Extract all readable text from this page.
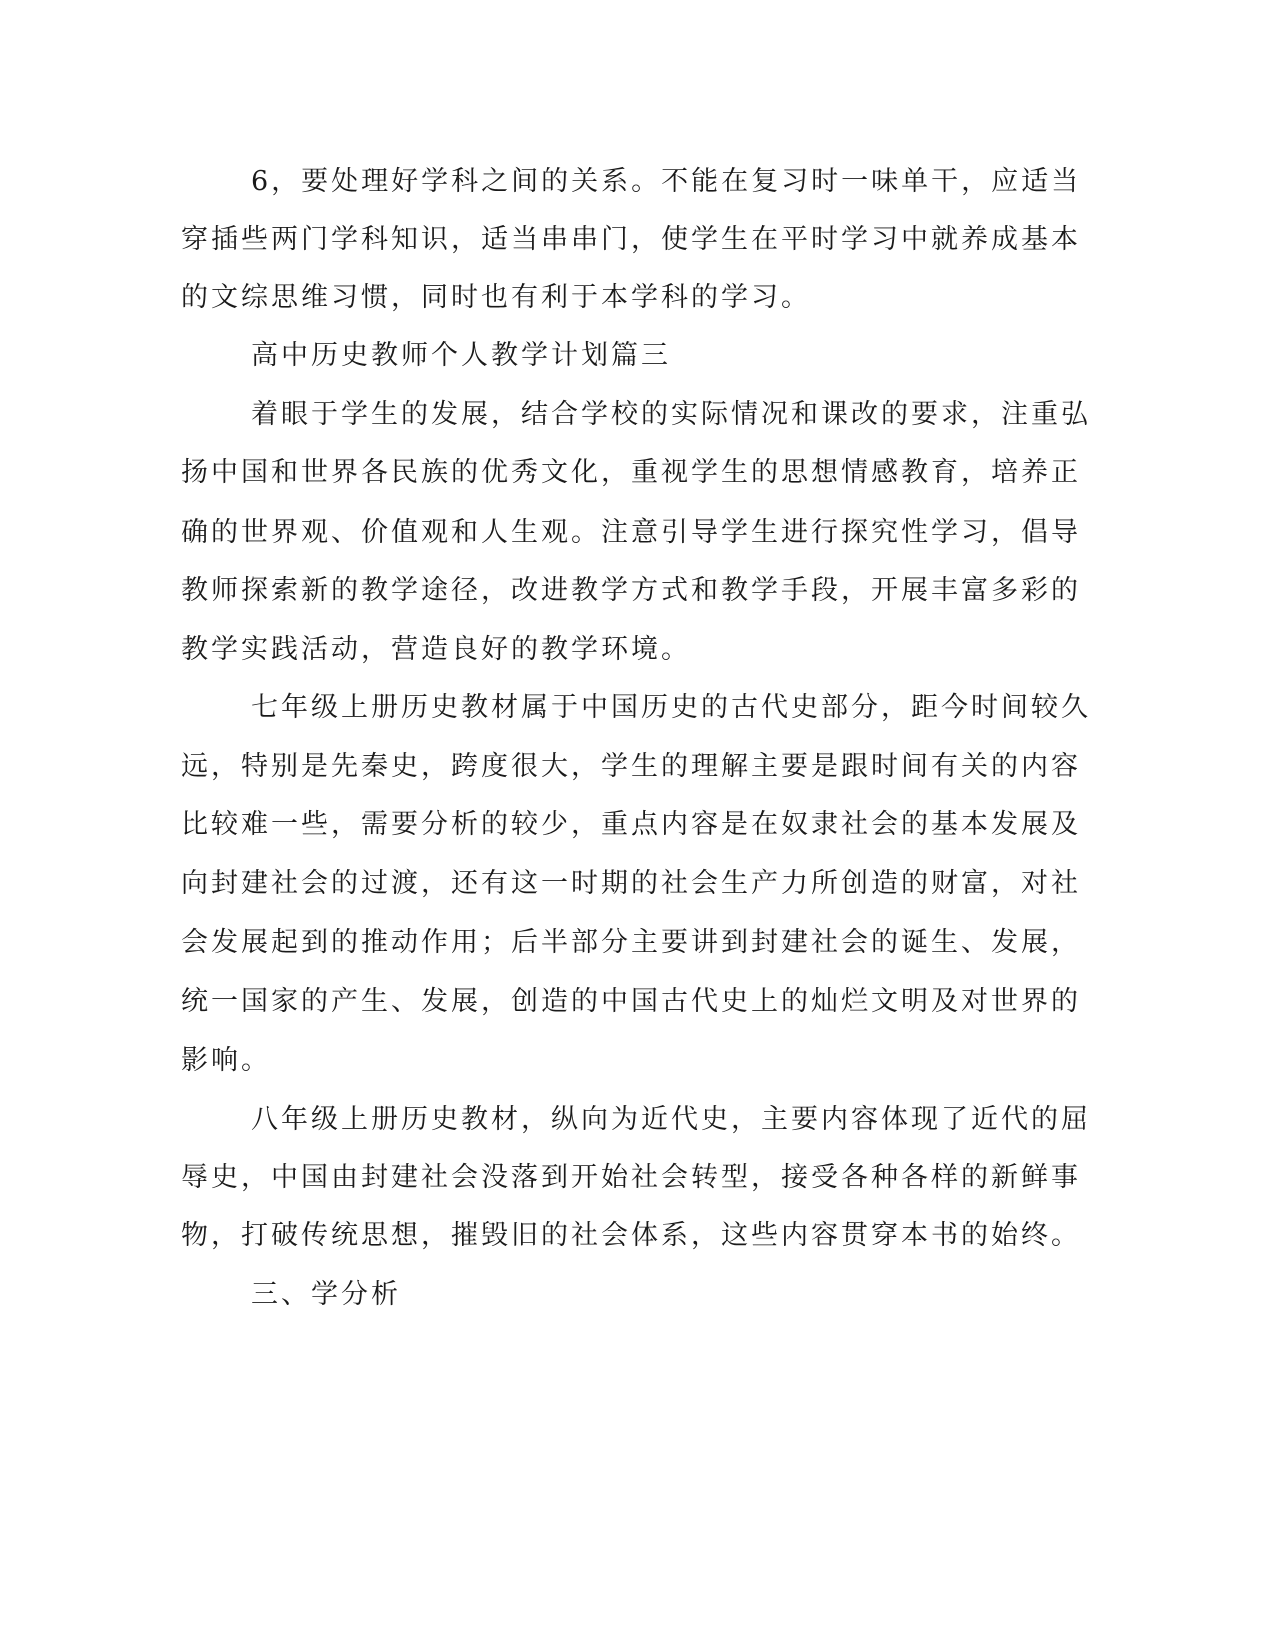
6，要处理好学科之间的关系。不能在复习时一味单干，应适当
穿插些两门学科知识，适当串串门，使学生在平时学习中就养成基本
的文综思维习惯，同时也有利于本学科的学习。
高中历史教师个人教学计划篇三
着眼于学生的发展，结合学校的实际情况和课改的要求，注重弘
扬中国和世界各民族的优秀文化，重视学生的思想情感教育，培养正
确的世界观、价值观和人生观。注意引导学生进行探究性学习，倡导
教师探索新的教学途径，改进教学方式和教学手段，开展丰富多彩的
教学实践活动，营造良好的教学环境。
七年级上册历史教材属于中国历史的古代史部分，距今时间较久
远，特别是先秦史，跨度很大，学生的理解主要是跟时间有关的内容
比较难一些，需要分析的较少，重点内容是在奴隶社会的基本发展及
向封建社会的过渡，还有这一时期的社会生产力所创造的财富，对社
会发展起到的推动作用；后半部分主要讲到封建社会的诞生、发展，
统一国家的产生、发展，创造的中国古代史上的灿烂文明及对世界的
影响。
八年级上册历史教材，纵向为近代史，主要内容体现了近代的屈
辱史，中国由封建社会没落到开始社会转型，接受各种各样的新鲜事
物，打破传统思想，摧毁旧的社会体系，这些内容贯穿本书的始终。
三、学分析
